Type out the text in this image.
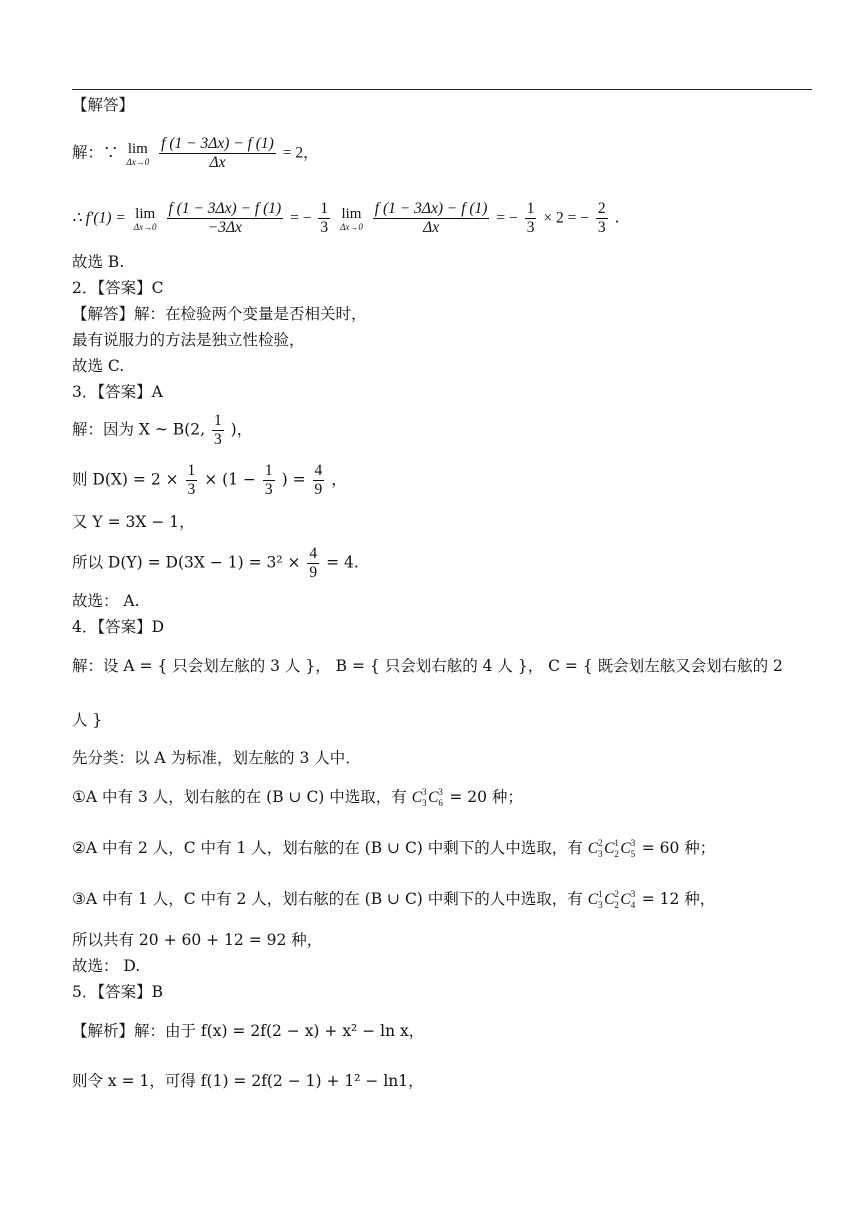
【解答】
解：∵ lim
Δx→0
$\frac{f (1 - 3\Delta x) - f (1)}{\Delta x} = 2$，
∴ f′(1) = lim
Δx→0
$\frac{f (1 - 3\Delta x) - f (1)}{-3\Delta x}$ = − $\frac{1}{3}$
lim
Δx→0
$\frac{f (1 - 3\Delta x) - f (1)}{\Delta x}$ = − $\frac{1}{3} \times 2$ = − $\frac{2}{3}$ .
故选 B.
2．【答案】C
【解答】解：在检验两个变量是否相关时，
最有说服力的方法是独立性检验，
故选 C.
3．【答案】A
解：因为 X ~ B(2, $\frac{1}{3}$ )，
则 $D(X) = 2 \times \frac{1}{3} \times (1 - \frac{1}{3}$ ) = $\frac{4}{9}$ ，
又 Y = 3X − 1，
所以 $D(Y) = D(3X - 1) = 3^2 \times \frac{4}{9} = 4$.
故选： A.
4．【答案】D
解：设 A = { 只会划左舷的 3 人 }， B = { 只会划右舷的 4 人 }， C = { 既会划左舷又会划右舷的 2
人 }
先分类：以 A 为标准，划左舷的 3 人中．
①A 中有 3 人，划右舷的在 (B ∪ C) 中选取，有 C 3
3 C 3
6 = 20 种；
②A 中有 2 人，C 中有 1 人，划右舷的在 (B ∪ C) 中剩下的人中选取，有 C 2
3 C 1
2 C 3
5 = 60 种；
③A 中有 1 人，C 中有 2 人，划右舷的在 (B ∪ C) 中剩下的人中选取，有 C 1
3 C 2
2 C 3
4 = 12 种，
所以共有 20 + 60 + 12 = 92 种，
故选： D.
5．【答案】B
【解析】解：由于 f(x) = 2f(2 − x) + x² − ln x，
则令 x = 1，可得 f(1) = 2f(2 − 1) + 1² − ln1，
